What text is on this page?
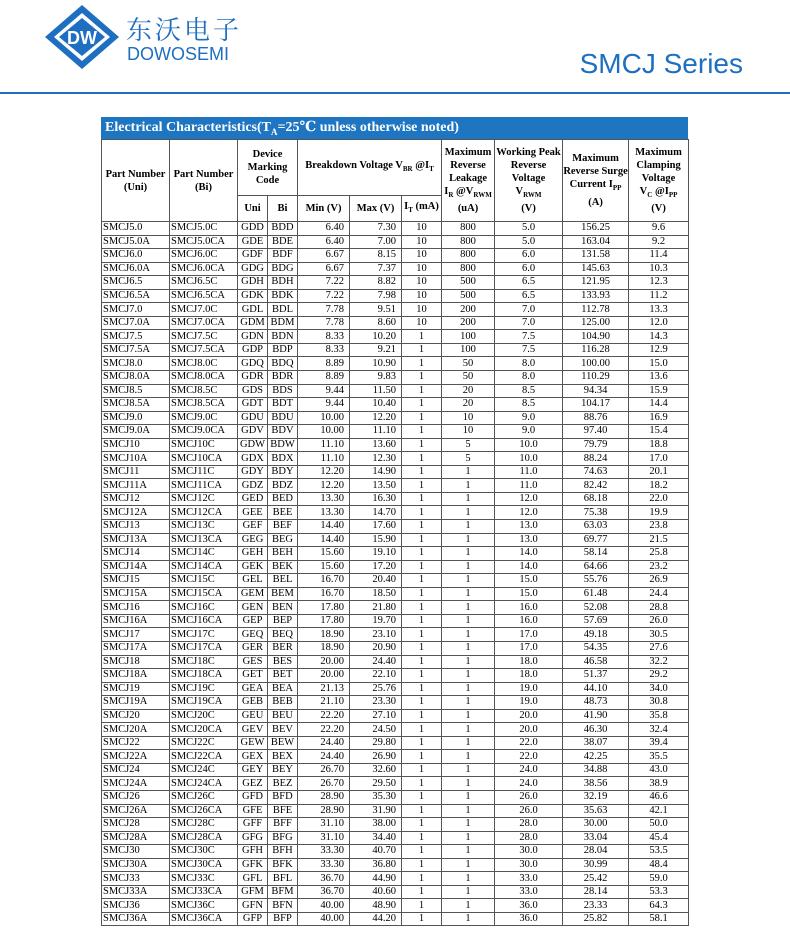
DW 东沃电子
DOWOSEMI	SMCJ Series
Electrical $Characteristics(T_A=25℃$ unless otherwise noted)
Part Number (Uni)	Part Number (Bi)	Device Marking Code		Breakdown Voltage $V_{BR}$ $@I_T$			Maximum Reverse Leakage
$I_R$ $@V_{RWM}$
(uA)	Working Peak Reverse Voltage
$V_{RWM}$
(V)	Maximum Reverse Surge Current $I_{PP}$
(A)	Maximum Clamping Voltage
$V_C$ $@I_{PP}$
(V)
		Uni	Bi	Min (V)	Max (V)	$I_T$ (mA)				
SMCJ5.0	SMCJ5.0C	GDD	BDD	6.40	7.30	10	800	5.0	156.25	9.6
SMCJ5.0A	SMCJ5.0CA	GDE	BDE	6.40	7.00	10	800	5.0	163.04	9.2
SMCJ6.0	SMCJ6.0C	GDF	BDF	6.67	8.15	10	800	6.0	131.58	11.4
SMCJ6.0A	SMCJ6.0CA	GDG	BDG	6.67	7.37	10	800	6.0	145.63	10.3
SMCJ6.5	SMCJ6.5C	GDH	BDH	7.22	8.82	10	500	6.5	121.95	12.3
SMCJ6.5A	SMCJ6.5CA	GDK	BDK	7.22	7.98	10	500	6.5	133.93	11.2
SMCJ7.0	SMCJ7.0C	GDL	BDL	7.78	9.51	10	200	7.0	112.78	13.3
SMCJ7.0A	SMCJ7.0CA	GDM	BDM	7.78	8.60	10	200	7.0	125.00	12.0
SMCJ7.5	SMCJ7.5C	GDN	BDN	8.33	10.20	1	100	7.5	104.90	14.3
SMCJ7.5A	SMCJ7.5CA	GDP	BDP	8.33	9.21	1	100	7.5	116.28	12.9
SMCJ8.0	SMCJ8.0C	GDQ	BDQ	8.89	10.90	1	50	8.0	100.00	15.0
SMCJ8.0A	SMCJ8.0CA	GDR	BDR	8.89	9.83	1	50	8.0	110.29	13.6
SMCJ8.5	SMCJ8.5C	GDS	BDS	9.44	11.50	1	20	8.5	94.34	15.9
SMCJ8.5A	SMCJ8.5CA	GDT	BDT	9.44	10.40	1	20	8.5	104.17	14.4
SMCJ9.0	SMCJ9.0C	GDU	BDU	10.00	12.20	1	10	9.0	88.76	16.9
SMCJ9.0A	SMCJ9.0CA	GDV	BDV	10.00	11.10	1	10	9.0	97.40	15.4
SMCJ10	SMCJ10C	GDW	BDW	11.10	13.60	1	5	10.0	79.79	18.8
SMCJ10A	SMCJ10CA	GDX	BDX	11.10	12.30	1	5	10.0	88.24	17.0
SMCJ11	SMCJ11C	GDY	BDY	12.20	14.90	1	1	11.0	74.63	20.1
SMCJ11A	SMCJ11CA	GDZ	BDZ	12.20	13.50	1	1	11.0	82.42	18.2
SMCJ12	SMCJ12C	GED	BED	13.30	16.30	1	1	12.0	68.18	22.0
SMCJ12A	SMCJ12CA	GEE	BEE	13.30	14.70	1	1	12.0	75.38	19.9
SMCJ13	SMCJ13C	GEF	BEF	14.40	17.60	1	1	13.0	63.03	23.8
SMCJ13A	SMCJ13CA	GEG	BEG	14.40	15.90	1	1	13.0	69.77	21.5
SMCJ14	SMCJ14C	GEH	BEH	15.60	19.10	1	1	14.0	58.14	25.8
SMCJ14A	SMCJ14CA	GEK	BEK	15.60	17.20	1	1	14.0	64.66	23.2
SMCJ15	SMCJ15C	GEL	BEL	16.70	20.40	1	1	15.0	55.76	26.9
SMCJ15A	SMCJ15CA	GEM	BEM	16.70	18.50	1	1	15.0	61.48	24.4
SMCJ16	SMCJ16C	GEN	BEN	17.80	21.80	1	1	16.0	52.08	28.8
SMCJ16A	SMCJ16CA	GEP	BEP	17.80	19.70	1	1	16.0	57.69	26.0
SMCJ17	SMCJ17C	GEQ	BEQ	18.90	23.10	1	1	17.0	49.18	30.5
SMCJ17A	SMCJ17CA	GER	BER	18.90	20.90	1	1	17.0	54.35	27.6
SMCJ18	SMCJ18C	GES	BES	20.00	24.40	1	1	18.0	46.58	32.2
SMCJ18A	SMCJ18CA	GET	BET	20.00	22.10	1	1	18.0	51.37	29.2
SMCJ19	SMCJ19C	GEA	BEA	21.13	25.76	1	1	19.0	44.10	34.0
SMCJ19A	SMCJ19CA	GEB	BEB	21.10	23.30	1	1	19.0	48.73	30.8
SMCJ20	SMCJ20C	GEU	BEU	22.20	27.10	1	1	20.0	41.90	35.8
SMCJ20A	SMCJ20CA	GEV	BEV	22.20	24.50	1	1	20.0	46.30	32.4
SMCJ22	SMCJ22C	GEW	BEW	24.40	29.80	1	1	22.0	38.07	39.4
SMCJ22A	SMCJ22CA	GEX	BEX	24.40	26.90	1	1	22.0	42.25	35.5
SMCJ24	SMCJ24C	GEY	BEY	26.70	32.60	1	1	24.0	34.88	43.0
SMCJ24A	SMCJ24CA	GEZ	BEZ	26.70	29.50	1	1	24.0	38.56	38.9
SMCJ26	SMCJ26C	GFD	BFD	28.90	35.30	1	1	26.0	32.19	46.6
SMCJ26A	SMCJ26CA	GFE	BFE	28.90	31.90	1	1	26.0	35.63	42.1
SMCJ28	SMCJ28C	GFF	BFF	31.10	38.00	1	1	28.0	30.00	50.0
SMCJ28A	SMCJ28CA	GFG	BFG	31.10	34.40	1	1	28.0	33.04	45.4
SMCJ30	SMCJ30C	GFH	BFH	33.30	40.70	1	1	30.0	28.04	53.5
SMCJ30A	SMCJ30CA	GFK	BFK	33.30	36.80	1	1	30.0	30.99	48.4
SMCJ33	SMCJ33C	GFL	BFL	36.70	44.90	1	1	33.0	25.42	59.0
SMCJ33A	SMCJ33CA	GFM	BFM	36.70	40.60	1	1	33.0	28.14	53.3
SMCJ36	SMCJ36C	GFN	BFN	40.00	48.90	1	1	36.0	23.33	64.3
SMCJ36A	SMCJ36CA	GFP	BFP	40.00	44.20	1	1	36.0	25.82	58.1
